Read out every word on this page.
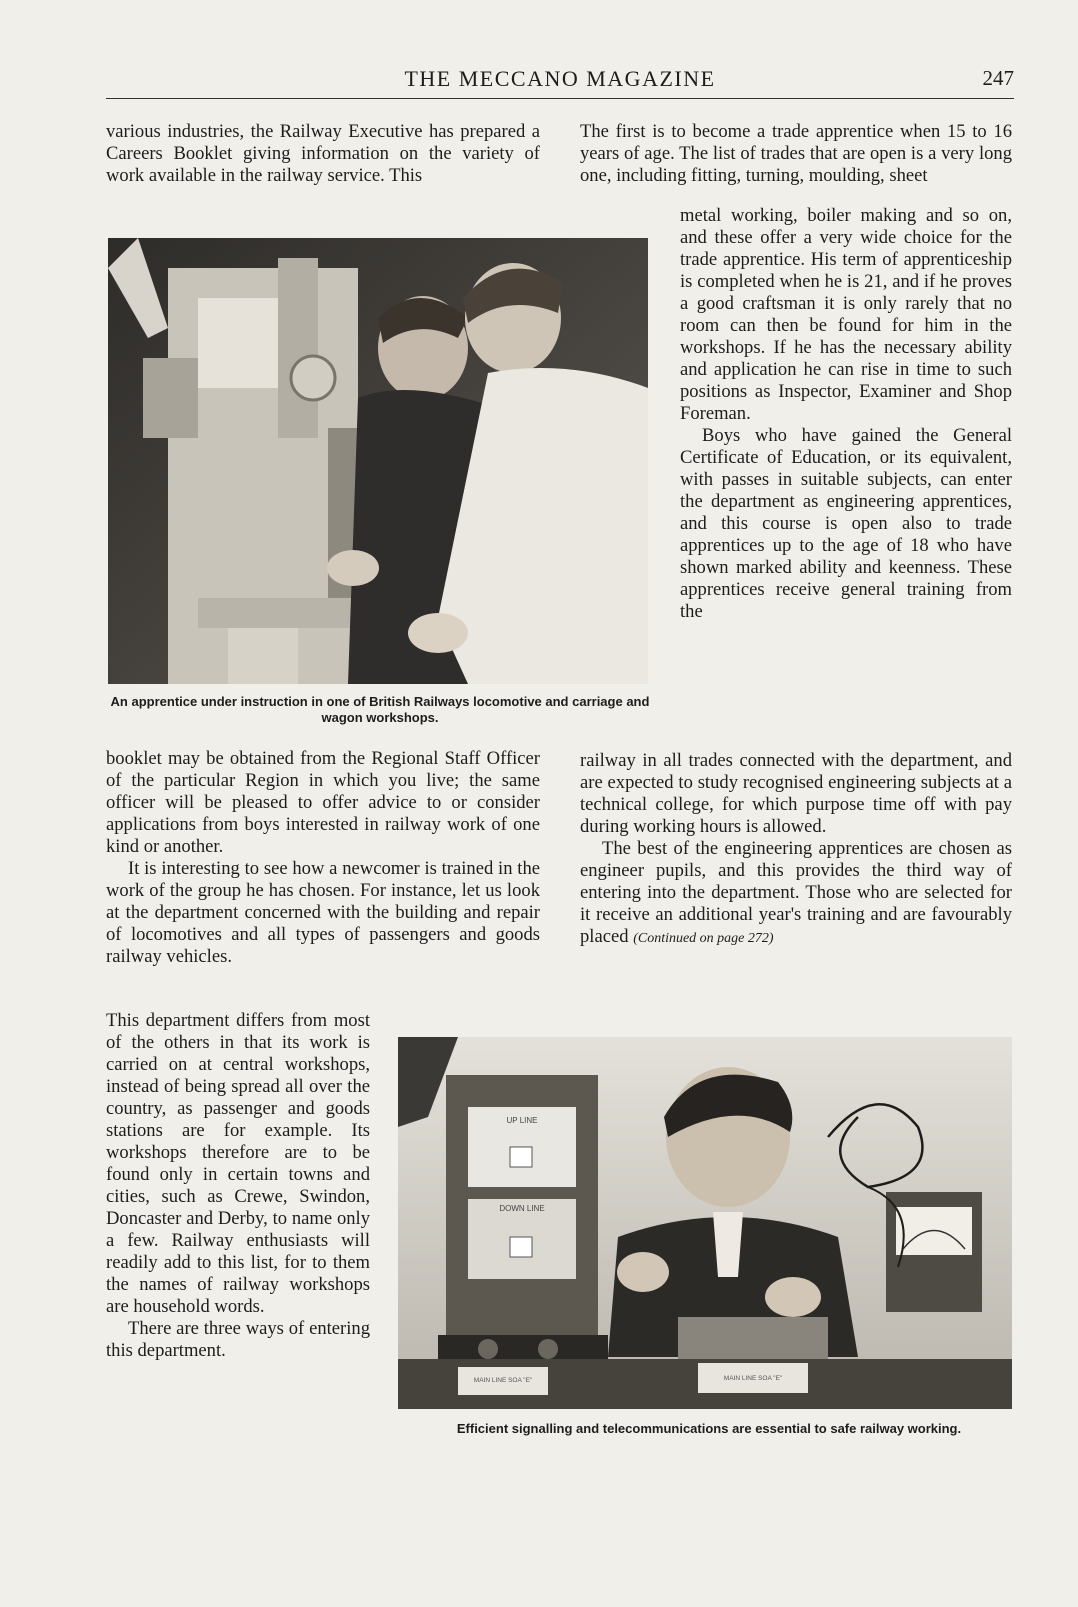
THE MECCANO MAGAZINE	247

various industries, the Railway Executive has prepared a Careers Booklet giving information on the variety of work available in the railway service. This

An apprentice under instruction in one of British Railways locomotive and carriage and wagon workshops.

booklet may be obtained from the Regional Staff Officer of the particular Region in which you live; the same officer will be pleased to offer advice to or consider applications from boys interested in railway work of one kind or another.

It is interesting to see how a newcomer is trained in the work of the group he has chosen. For instance, let us look at the department concerned with the building and repair of locomotives and all types of passengers and goods railway vehicles.

This department differs from most of the others in that its work is carried on at central workshops, instead of being spread all over the country, as passenger and goods stations are for example. Its workshops therefore are to be found only in certain towns and cities, such as Crewe, Swindon, Doncaster and Derby, to name only a few. Railway enthusiasts will readily add to this list, for to them the names of railway workshops are household words.

There are three ways of entering this department.

The first is to become a trade apprentice when 15 to 16 years of age. The list of trades that are open is a very long one, including fitting, turning, moulding, sheet

metal working, boiler making and so on, and these offer a very wide choice for the trade apprentice. His term of apprenticeship is completed when he is 21, and if he proves a good craftsman it is only rarely that no room can then be found for him in the workshops. If he has the necessary ability and application he can rise in time to such positions as Inspector, Examiner and Shop Foreman.

Boys who have gained the General Certificate of Education, or its equivalent, with passes in suitable subjects, can enter the department as engineering apprentices, and this course is open also to trade apprentices up to the age of 18 who have shown marked ability and keenness. These apprentices receive general training from the

railway in all trades connected with the department, and are expected to study recognised engineering subjects at a technical college, for which purpose time off with pay during working hours is allowed.

The best of the engineering apprentices are chosen as engineer pupils, and this provides the third way of entering into the department. Those who are selected for it receive an additional year's training and are favourably placed (Continued on page 272)

UP LINE
DOWN LINE
MAIN LINE SOA "E"	MAIN LINE SOA "E"
Efficient signalling and telecommunications are essential to safe railway working.
